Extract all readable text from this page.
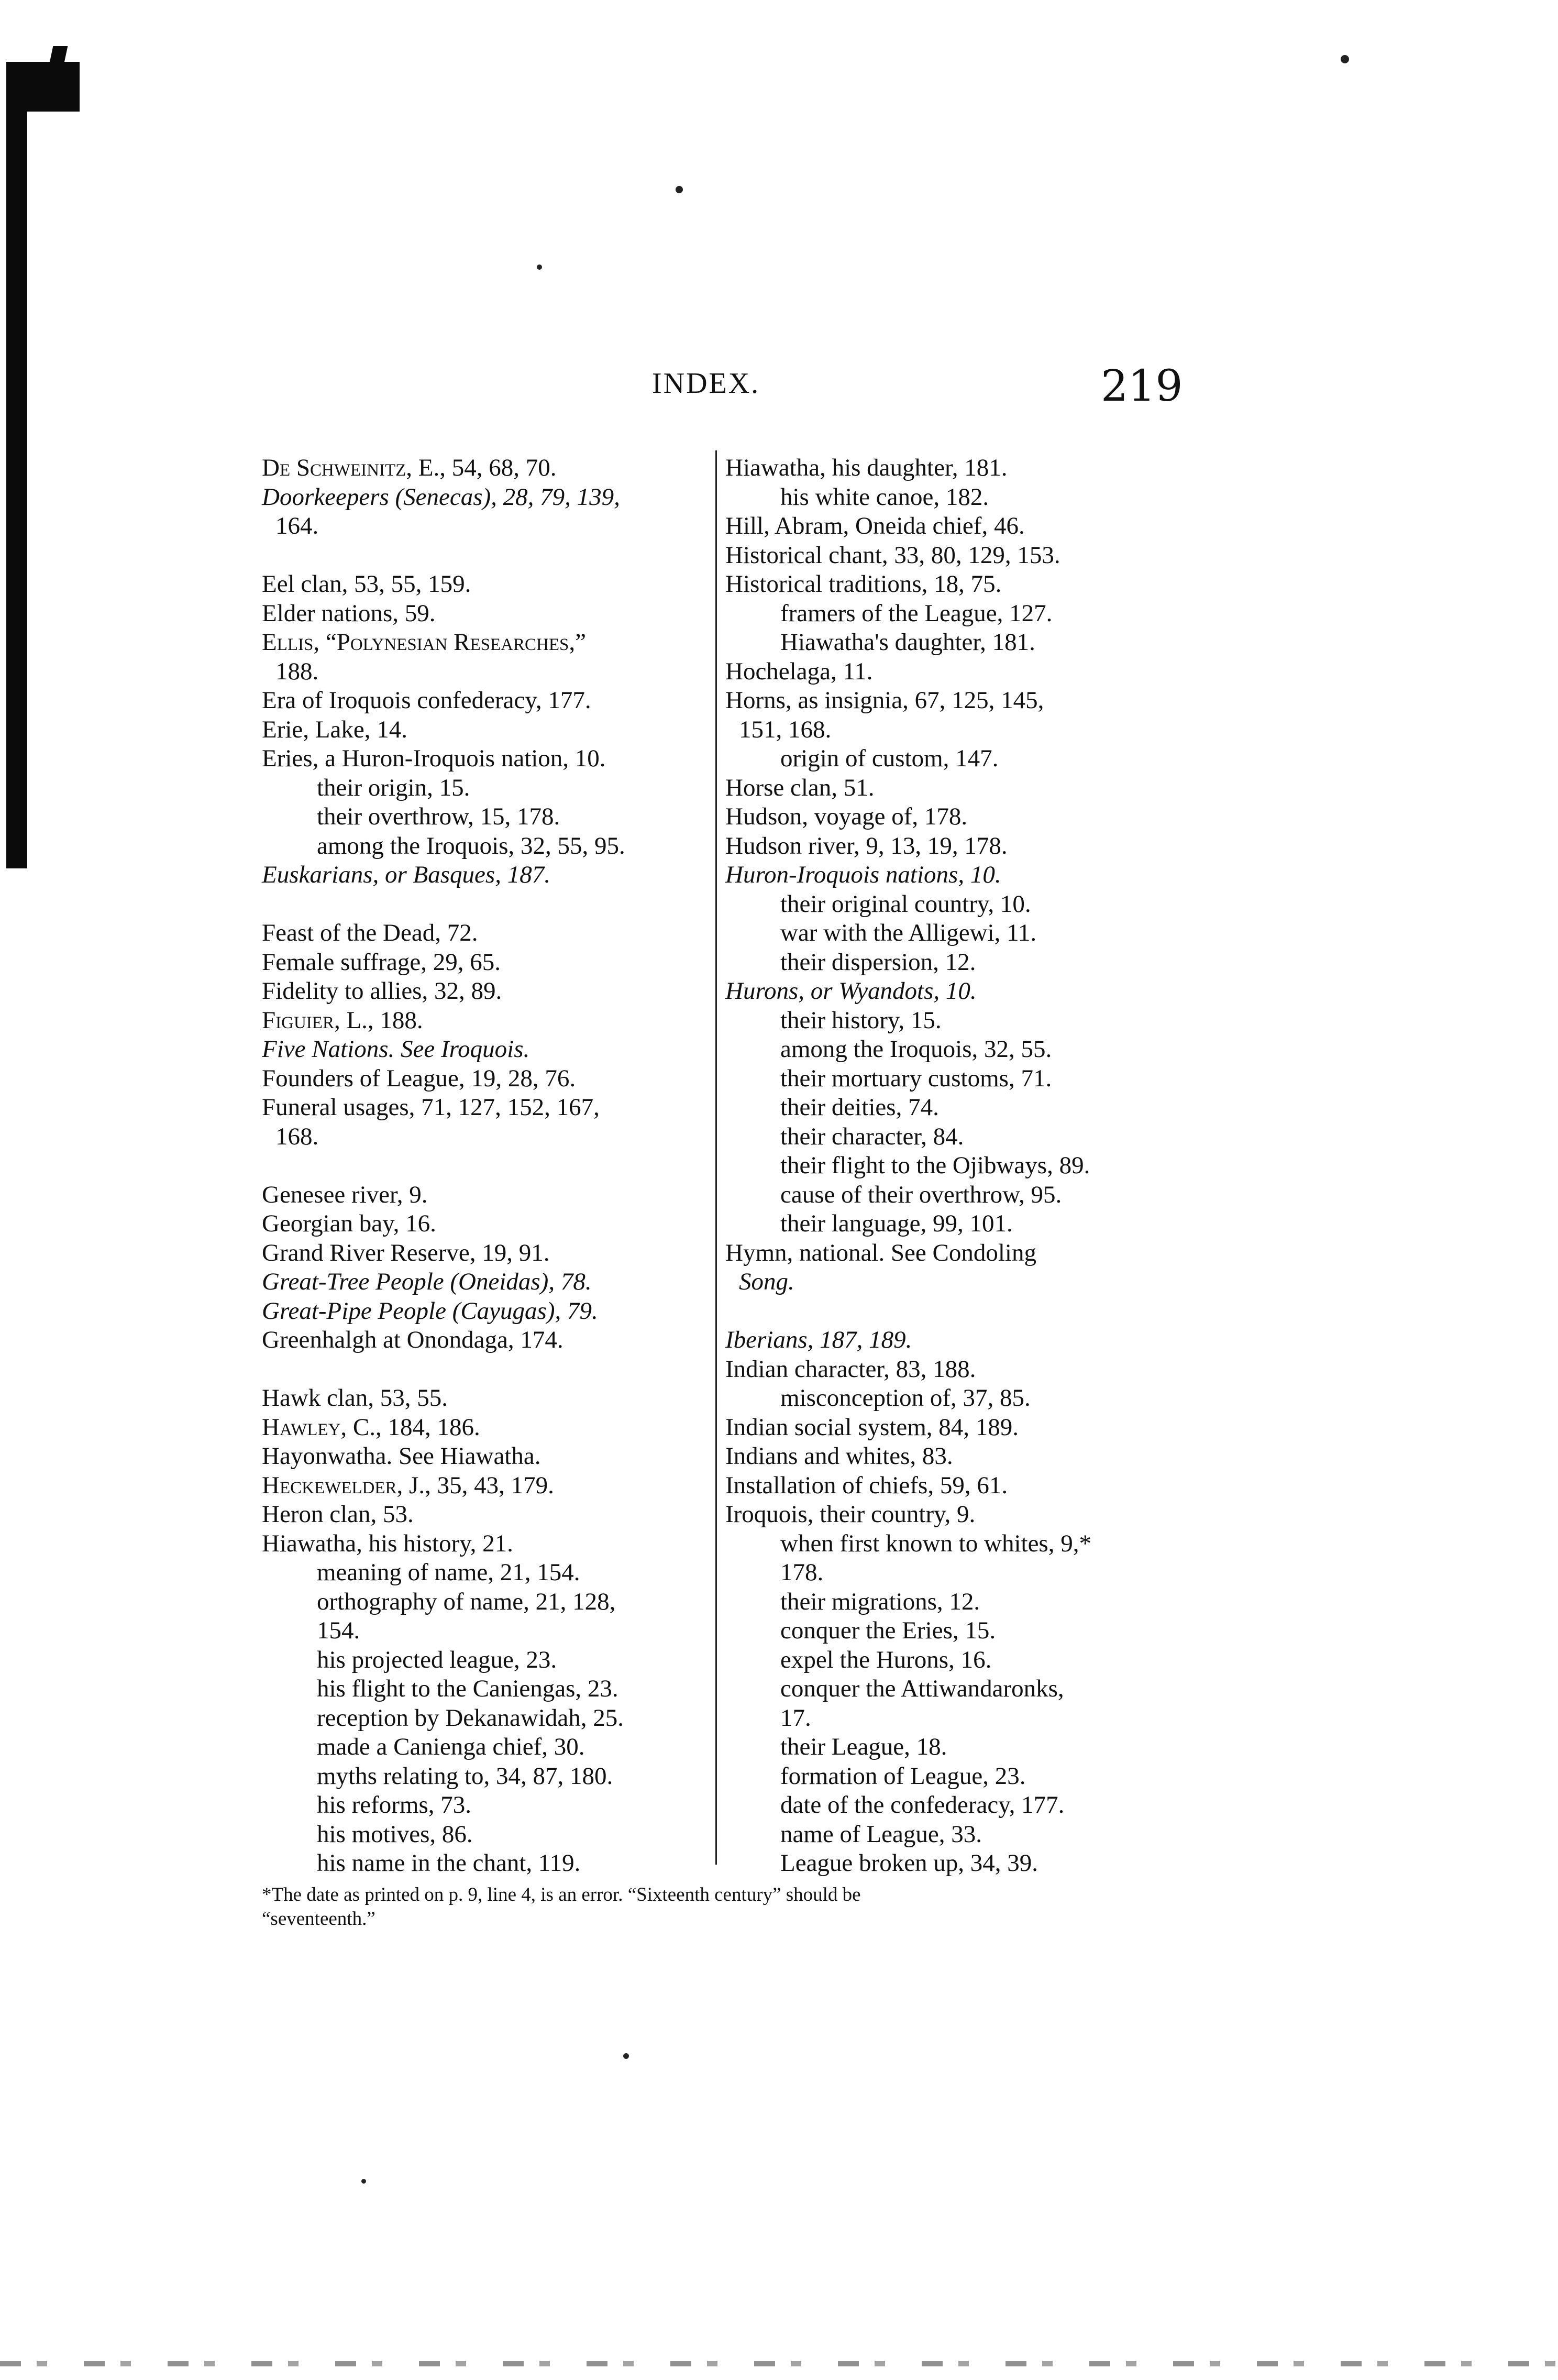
INDEX.	219
De Schweinitz, E., 54, 68, 70.
Doorkeepers (Senecas), 28, 79, 139,
164.
Eel clan, 53, 55, 159.
Elder nations, 59.
Ellis, “Polynesian Researches,”
188.
Era of Iroquois confederacy, 177.
Erie, Lake, 14.
Eries, a Huron-Iroquois nation, 10.
their origin, 15.
their overthrow, 15, 178.
among the Iroquois, 32, 55, 95.
Euskarians, or Basques, 187.
Feast of the Dead, 72.
Female suffrage, 29, 65.
Fidelity to allies, 32, 89.
Figuier, L., 188.
Five Nations. See Iroquois.
Founders of League, 19, 28, 76.
Funeral usages, 71, 127, 152, 167,
168.
Genesee river, 9.
Georgian bay, 16.
Grand River Reserve, 19, 91.
Great-Tree People (Oneidas), 78.
Great-Pipe People (Cayugas), 79.
Greenhalgh at Onondaga, 174.
Hawk clan, 53, 55.
Hawley, C., 184, 186.
Hayonwatha. See Hiawatha.
Heckewelder, J., 35, 43, 179.
Heron clan, 53.
Hiawatha, his history, 21.
meaning of name, 21, 154.
orthography of name, 21, 128,
154.
his projected league, 23.
his flight to the Caniengas, 23.
reception by Dekanawidah, 25.
made a Canienga chief, 30.
myths relating to, 34, 87, 180.
his reforms, 73.
his motives, 86.
his name in the chant, 119.
Hiawatha, his daughter, 181.
his white canoe, 182.
Hill, Abram, Oneida chief, 46.
Historical chant, 33, 80, 129, 153.
Historical traditions, 18, 75.
framers of the League, 127.
Hiawatha's daughter, 181.
Hochelaga, 11.
Horns, as insignia, 67, 125, 145,
151, 168.
origin of custom, 147.
Horse clan, 51.
Hudson, voyage of, 178.
Hudson river, 9, 13, 19, 178.
Huron-Iroquois nations, 10.
their original country, 10.
war with the Alligewi, 11.
their dispersion, 12.
Hurons, or Wyandots, 10.
their history, 15.
among the Iroquois, 32, 55.
their mortuary customs, 71.
their deities, 74.
their character, 84.
their flight to the Ojibways, 89.
cause of their overthrow, 95.
their language, 99, 101.
Hymn, national. See Condoling
Song.
Iberians, 187, 189.
Indian character, 83, 188.
misconception of, 37, 85.
Indian social system, 84, 189.
Indians and whites, 83.
Installation of chiefs, 59, 61.
Iroquois, their country, 9.
when first known to whites, 9,*
178.
their migrations, 12.
conquer the Eries, 15.
expel the Hurons, 16.
conquer the Attiwandaronks,
17.
their League, 18.
formation of League, 23.
date of the confederacy, 177.
name of League, 33.
League broken up, 34, 39.
*The date as printed on p. 9, line 4, is an error. “Sixteenth century” should be
“seventeenth.”
